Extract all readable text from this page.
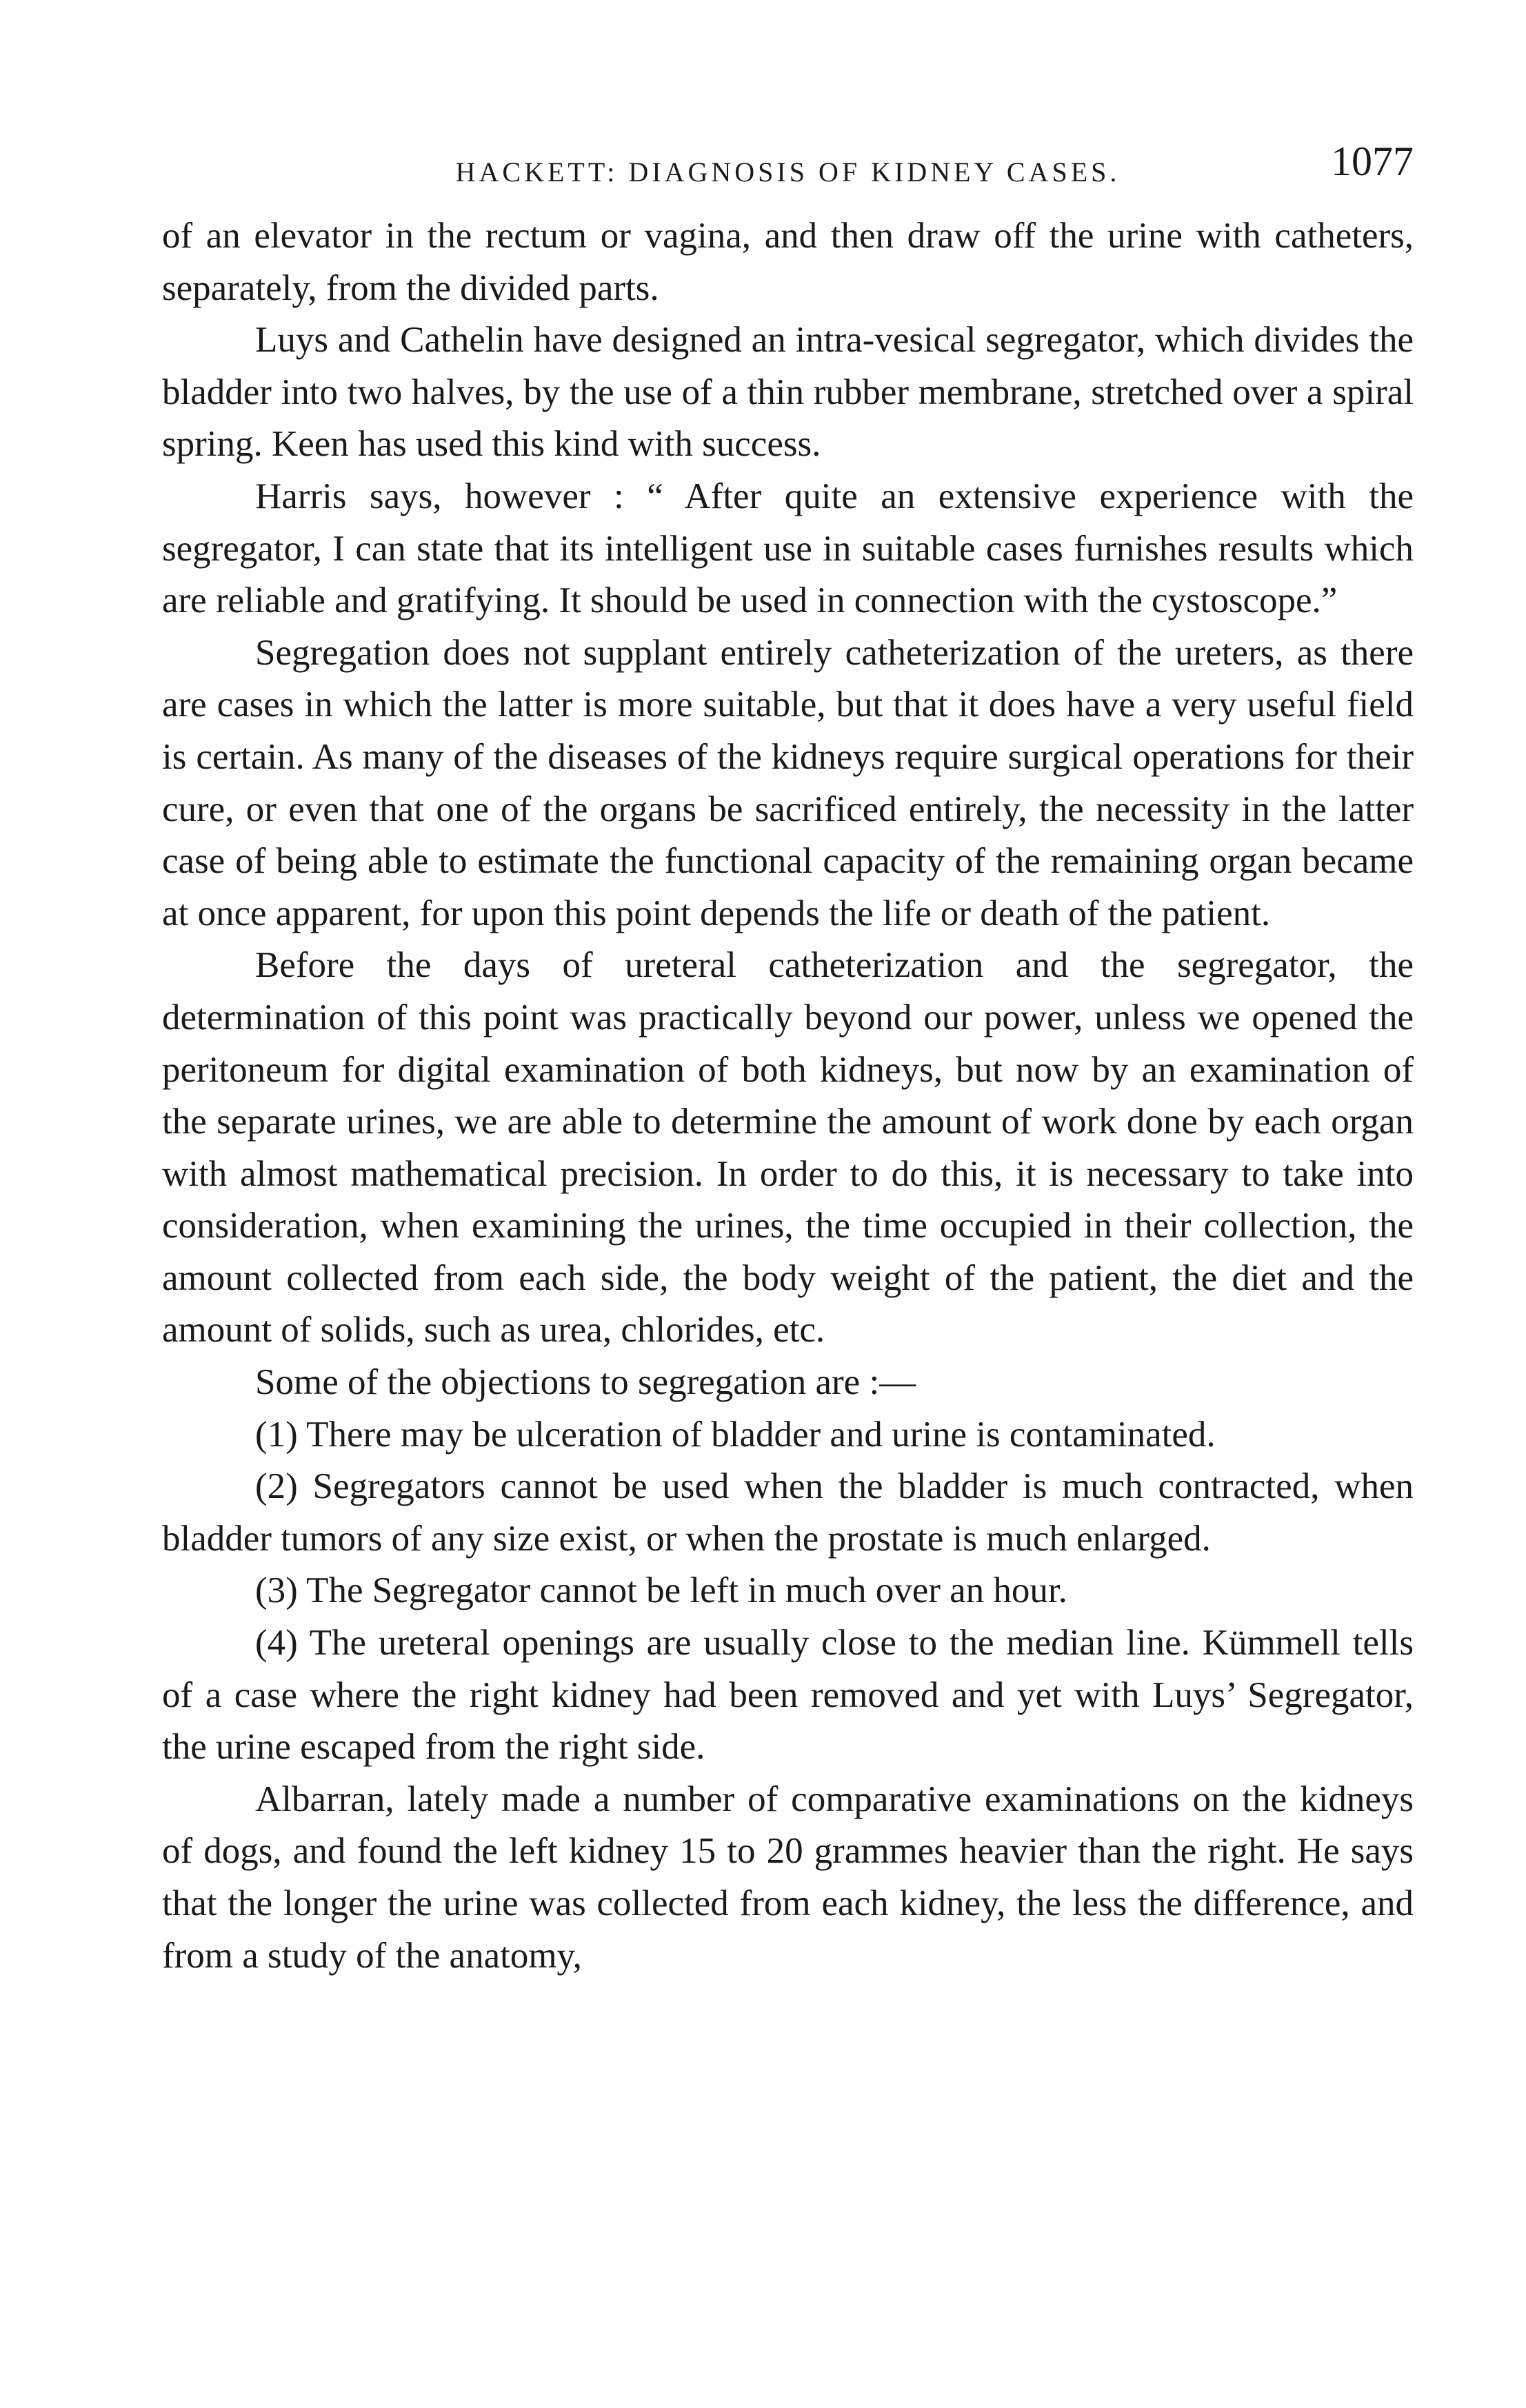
HACKETT: DIAGNOSIS OF KIDNEY CASES.	1077

of an elevator in the rectum or vagina, and then draw off the urine with catheters, separately, from the divided parts.

Luys and Cathelin have designed an intra-vesical segregator, which divides the bladder into two halves, by the use of a thin rubber membrane, stretched over a spiral spring. Keen has used this kind with success.

Harris says, however : “ After quite an extensive experience with the segregator, I can state that its intelligent use in suitable cases furnishes results which are reliable and gratifying. It should be used in connection with the cystoscope.”

Segregation does not supplant entirely catheterization of the ureters, as there are cases in which the latter is more suitable, but that it does have a very useful field is certain. As many of the diseases of the kidneys require surgical operations for their cure, or even that one of the organs be sacrificed entirely, the necessity in the latter case of being able to estimate the functional capacity of the remaining organ became at once apparent, for upon this point depends the life or death of the patient.

Before the days of ureteral catheterization and the segregator, the determination of this point was practically beyond our power, unless we opened the peritoneum for digital examination of both kidneys, but now by an examination of the separate urines, we are able to determine the amount of work done by each organ with almost mathematical precision. In order to do this, it is necessary to take into consideration, when examining the urines, the time occupied in their collection, the amount collected from each side, the body weight of the patient, the diet and the amount of solids, such as urea, chlorides, etc.

Some of the objections to segregation are :—

(1) There may be ulceration of bladder and urine is contaminated.

(2) Segregators cannot be used when the bladder is much contracted, when bladder tumors of any size exist, or when the prostate is much enlarged.

(3) The Segregator cannot be left in much over an hour.

(4) The ureteral openings are usually close to the median line. Kümmell tells of a case where the right kidney had been removed and yet with Luys’ Segregator, the urine escaped from the right side.

Albarran, lately made a number of comparative examinations on the kidneys of dogs, and found the left kidney 15 to 20 grammes heavier than the right. He says that the longer the urine was collected from each kidney, the less the difference, and from a study of the anatomy,
